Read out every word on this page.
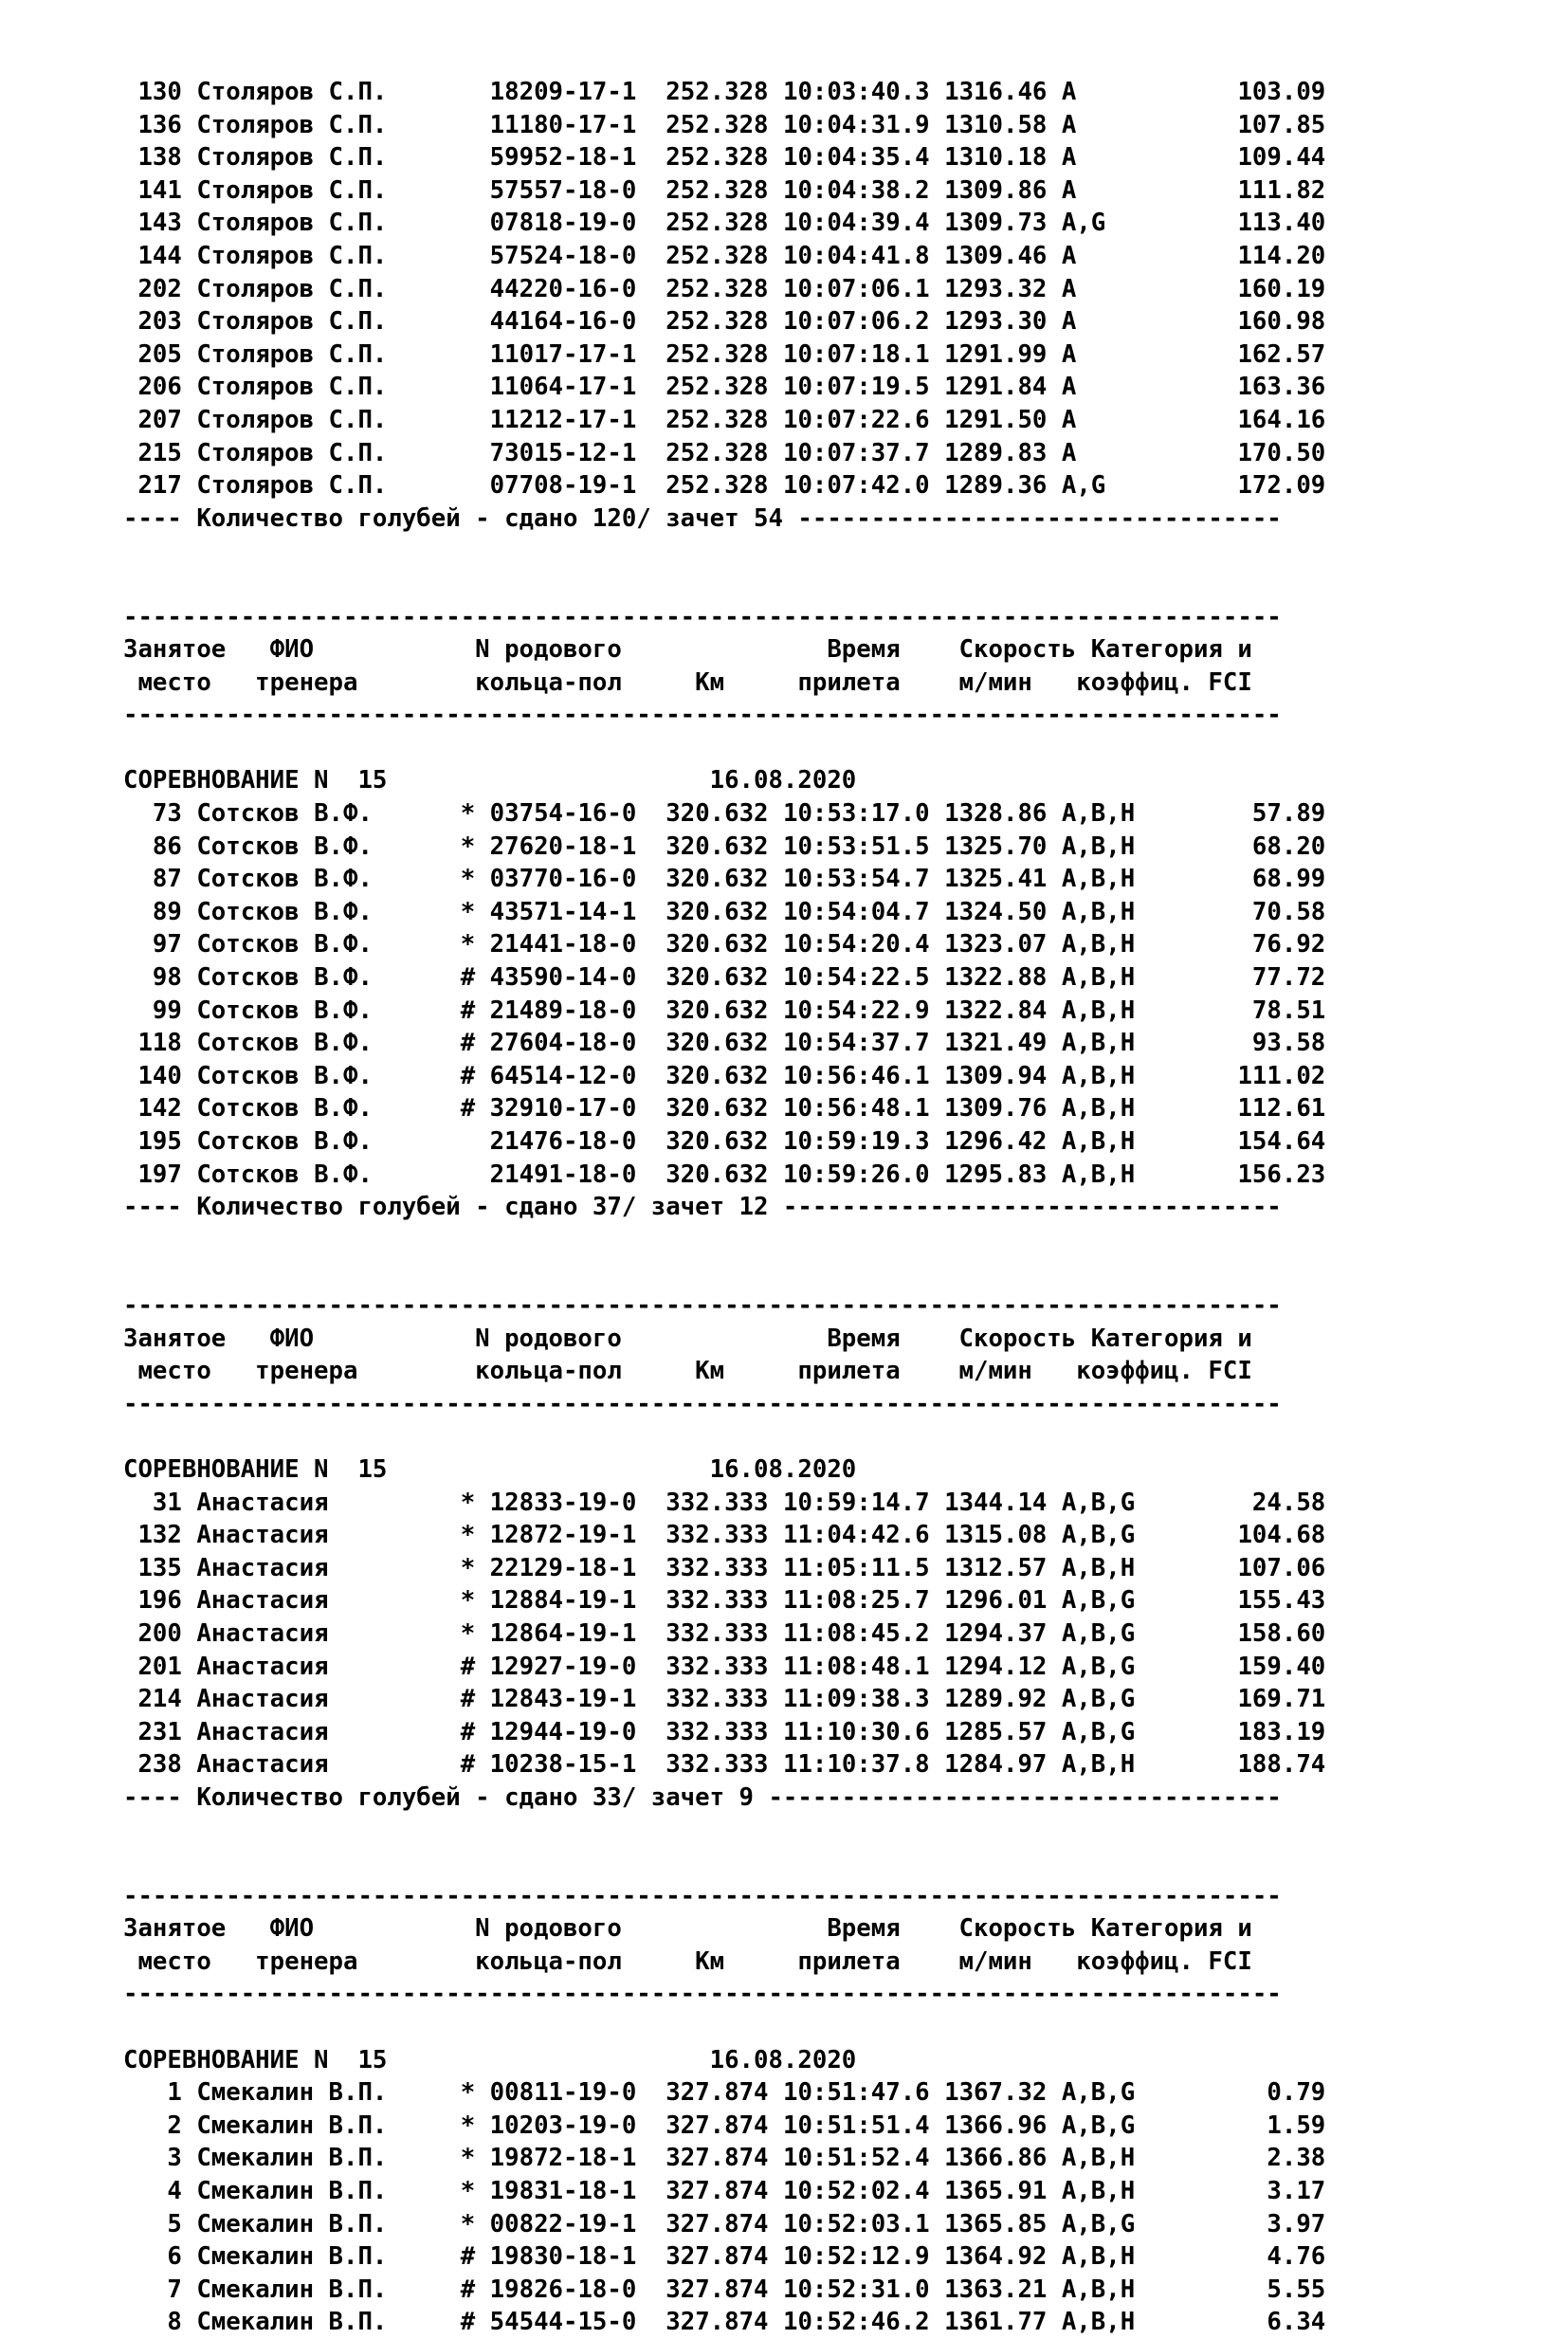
130 Столяров С.П.       18209-17-1 252.328 10:03:40.3 1316.46 A           103.09
136 Столяров С.П.       11180-17-1 252.328 10:04:31.9 1310.58 A           107.85
138 Столяров С.П.       59952-18-1 252.328 10:04:35.4 1310.18 A           109.44
141 Столяров С.П.       57557-18-0 252.328 10:04:38.2 1309.86 A           111.82
143 Столяров С.П.       07818-19-0 252.328 10:04:39.4 1309.73 A,G         113.40
144 Столяров С.П.       57524-18-0 252.328 10:04:41.8 1309.46 A           114.20
202 Столяров С.П.       44220-16-0 252.328 10:07:06.1 1293.32 A           160.19
203 Столяров С.П.       44164-16-0 252.328 10:07:06.2 1293.30 A           160.98
205 Столяров С.П.       11017-17-1 252.328 10:07:18.1 1291.99 A           162.57
206 Столяров С.П.       11064-17-1 252.328 10:07:19.5 1291.84 A           163.36
207 Столяров С.П.       11212-17-1 252.328 10:07:22.6 1291.50 A           164.16
215 Столяров С.П.       73015-12-1 252.328 10:07:37.7 1289.83 A           170.50
217 Столяров С.П.       07708-19-1 252.328 10:07:42.0 1289.36 A,G         172.09
---- Количество голубей - сдано 120/ зачет 54 ---------------------------------
-------------------------------------------------------------------------------
Занятое   ФИО           N родового              Время    Скорость Категория и
место   тренера        кольца-пол     Км     прилета    м/мин   коэффиц. FCI
-------------------------------------------------------------------------------
СОРЕВНОВАНИЕ N  15                      16.08.2020
73 Сотсков В.Ф.      * 03754-16-0 320.632 10:53:17.0 1328.86 A,B,H        57.89
86 Сотсков В.Ф.      * 27620-18-1 320.632 10:53:51.5 1325.70 A,B,H        68.20
87 Сотсков В.Ф.      * 03770-16-0 320.632 10:53:54.7 1325.41 A,B,H        68.99
89 Сотсков В.Ф.      * 43571-14-1 320.632 10:54:04.7 1324.50 A,B,H        70.58
97 Сотсков В.Ф.      * 21441-18-0 320.632 10:54:20.4 1323.07 A,B,H        76.92
98 Сотсков В.Ф.      # 43590-14-0 320.632 10:54:22.5 1322.88 A,B,H        77.72
99 Сотсков В.Ф.      # 21489-18-0 320.632 10:54:22.9 1322.84 A,B,H        78.51
118 Сотсков В.Ф.      # 27604-18-0 320.632 10:54:37.7 1321.49 A,B,H        93.58
140 Сотсков В.Ф.      # 64514-12-0 320.632 10:56:46.1 1309.94 A,B,H       111.02
142 Сотсков В.Ф.      # 32910-17-0 320.632 10:56:48.1 1309.76 A,B,H       112.61
195 Сотсков В.Ф.        21476-18-0 320.632 10:59:19.3 1296.42 A,B,H       154.64
197 Сотсков В.Ф.        21491-18-0 320.632 10:59:26.0 1295.83 A,B,H       156.23
---- Количество голубей - сдано 37/ зачет 12 ----------------------------------
-------------------------------------------------------------------------------
Занятое   ФИО           N родового              Время    Скорость Категория и
место   тренера        кольца-пол     Км     прилета    м/мин   коэффиц. FCI
-------------------------------------------------------------------------------
СОРЕВНОВАНИЕ N  15                      16.08.2020
31 Анастасия         * 12833-19-0 332.333 10:59:14.7 1344.14 A,B,G        24.58
132 Анастасия         * 12872-19-1 332.333 11:04:42.6 1315.08 A,B,G       104.68
135 Анастасия         * 22129-18-1 332.333 11:05:11.5 1312.57 A,B,H       107.06
196 Анастасия         * 12884-19-1 332.333 11:08:25.7 1296.01 A,B,G       155.43
200 Анастасия         * 12864-19-1 332.333 11:08:45.2 1294.37 A,B,G       158.60
201 Анастасия         # 12927-19-0 332.333 11:08:48.1 1294.12 A,B,G       159.40
214 Анастасия         # 12843-19-1 332.333 11:09:38.3 1289.92 A,B,G       169.71
231 Анастасия         # 12944-19-0 332.333 11:10:30.6 1285.57 A,B,G       183.19
238 Анастасия         # 10238-15-1 332.333 11:10:37.8 1284.97 A,B,H       188.74
---- Количество голубей - сдано 33/ зачет 9 -----------------------------------
-------------------------------------------------------------------------------
Занятое   ФИО           N родового              Время    Скорость Категория и
место   тренера        кольца-пол     Км     прилета    м/мин   коэффиц. FCI
-------------------------------------------------------------------------------
СОРЕВНОВАНИЕ N  15                      16.08.2020
1 Смекалин В.П.     * 00811-19-0 327.874 10:51:47.6 1367.32 A,B,G         0.79
2 Смекалин В.П.     * 10203-19-0 327.874 10:51:51.4 1366.96 A,B,G         1.59
3 Смекалин В.П.     * 19872-18-1 327.874 10:51:52.4 1366.86 A,B,H         2.38
4 Смекалин В.П.     * 19831-18-1 327.874 10:52:02.4 1365.91 A,B,H         3.17
5 Смекалин В.П.     * 00822-19-1 327.874 10:52:03.1 1365.85 A,B,G         3.97
6 Смекалин В.П.     # 19830-18-1 327.874 10:52:12.9 1364.92 A,B,H         4.76
7 Смекалин В.П.     # 19826-18-0 327.874 10:52:31.0 1363.21 A,B,H         5.55
8 Смекалин В.П.     # 54544-15-0 327.874 10:52:46.2 1361.77 A,B,H         6.34
